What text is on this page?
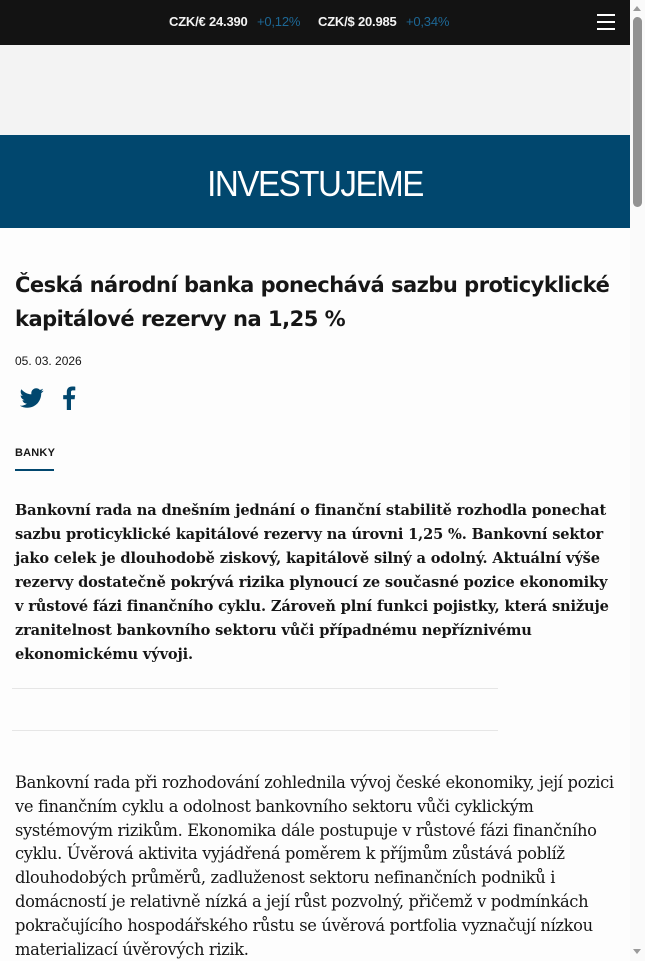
CZK/€ 24.390 +0,12% CZK/$ 20.985 +0,34%
INVESTUJEME
Česká národní banka ponechává sazbu proticyklické kapitálové rezervy na 1,25 %
05. 03. 2026
BANKY

Bankovní rada na dnešním jednání o finanční stabilitě rozhodla ponechat sazbu proticyklické kapitálové rezervy na úrovni 1,25 %. Bankovní sektor jako celek je dlouhodobě ziskový, kapitálově silný a odolný. Aktuální výše rezervy dostatečně pokrývá rizika plynoucí ze současné pozice ekonomiky v růstové fázi finančního cyklu. Zároveň plní funkci pojistky, která snižuje zranitelnost bankovního sektoru vůči případnému nepříznivému ekonomickému vývoji.

Bankovní rada při rozhodování zohlednila vývoj české ekonomiky, její pozici ve finančním cyklu a odolnost bankovního sektoru vůči cyklickým systémovým rizikům. Ekonomika dále postupuje v růstové fázi finančního cyklu. Úvěrová aktivita vyjádřená poměrem k příjmům zůstává poblíž dlouhodobých průměrů, zadluženost sektoru nefinančních podniků i domácností je relativně nízká a její růst pozvolný, přičemž v podmínkách pokračujícího hospodářského růstu se úvěrová portfolia vyznačují nízkou materializací úvěrových rizik.
